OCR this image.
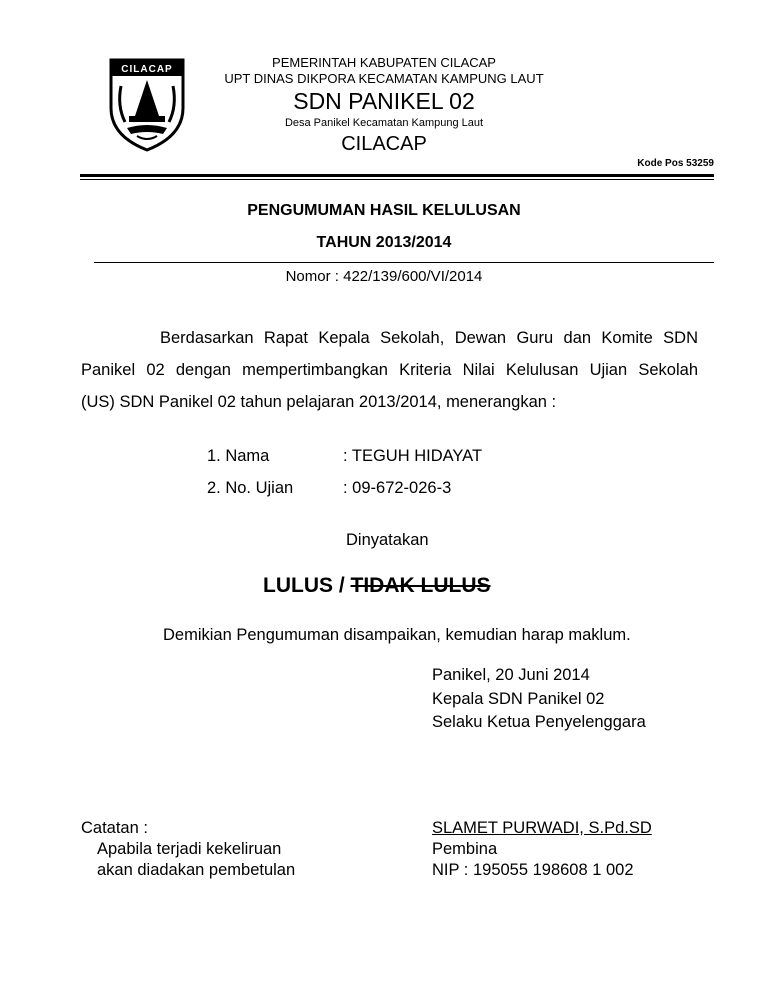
CILACAP	PEMERINTAH KABUPATEN CILACAP
UPT DINAS DIKPORA KECAMATAN KAMPUNG LAUT
SDN PANIKEL 02
Desa Panikel Kecamatan Kampung Laut
CILACAP
Kode Pos 53259
PENGUMUMAN HASIL KELULUSAN
TAHUN 2013/2014
Nomor : 422/139/600/VI/2014
Berdasarkan Rapat Kepala Sekolah, Dewan Guru dan Komite SDN
Panikel 02 dengan mempertimbangkan Kriteria Nilai Kelulusan Ujian Sekolah
(US) SDN Panikel 02 tahun pelajaran 2013/2014, menerangkan :
1. Nama	: TEGUH HIDAYAT
2. No. Ujian	: 09-672-026-3
Dinyatakan
LULUS / TIDAK LULUS
Demikian Pengumuman disampaikan, kemudian harap maklum.
Panikel, 20 Juni 2014
Kepala SDN Panikel 02
Selaku Ketua Penyelenggara
SLAMET PURWADI, S.Pd.SD
Pembina
NIP : 195055 198608 1 002
Catatan :
Apabila terjadi kekeliruan
akan diadakan pembetulan
